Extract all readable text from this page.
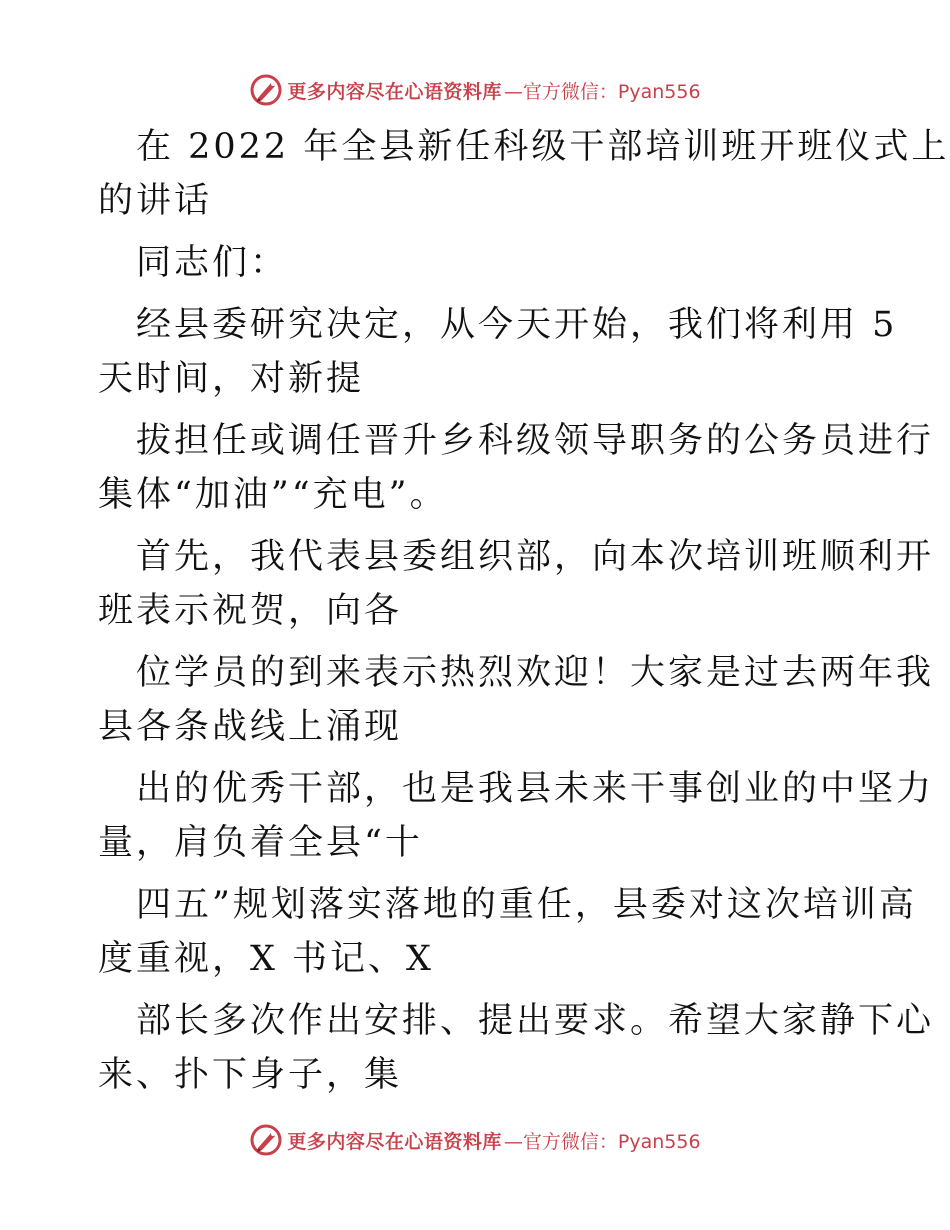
更多内容尽在心语资料库 —官方微信：Pyan556
在 2022 年全县新任科级干部培训班开班仪式上
的讲话
同志们：
经县委研究决定，从今天开始，我们将利用 5
天时间，对新提
拔担任或调任晋升乡科级领导职务的公务员进行
集体“加油”“充电”。
首先，我代表县委组织部，向本次培训班顺利开
班表示祝贺，向各
位学员的到来表示热烈欢迎！大家是过去两年我
县各条战线上涌现
出的优秀干部，也是我县未来干事创业的中坚力
量，肩负着全县“十
四五”规划落实落地的重任，县委对这次培训高
度重视，X 书记、X
部长多次作出安排、提出要求。希望大家静下心
来、扑下身子，集
更多内容尽在心语资料库 —官方微信：Pyan556
